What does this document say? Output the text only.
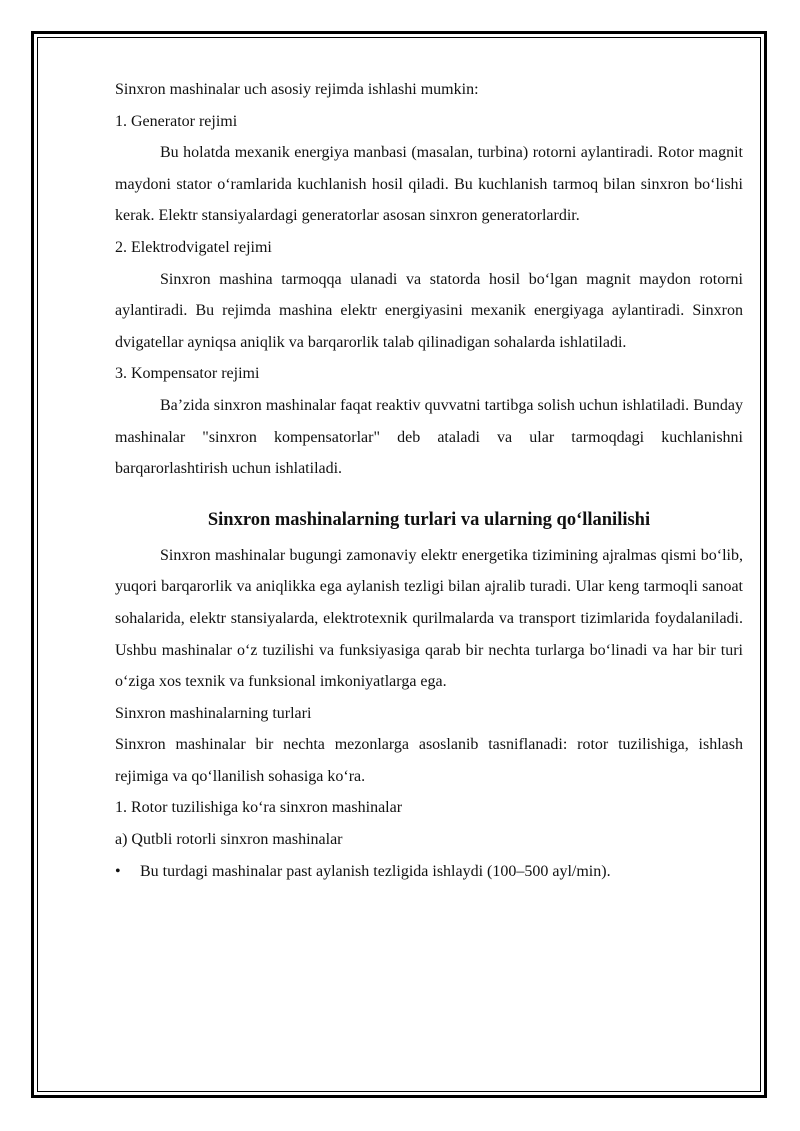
Sinxron mashinalar uch asosiy rejimda ishlashi mumkin:

1. Generator rejimi

Bu holatda mexanik energiya manbasi (masalan, turbina) rotorni aylantiradi. Rotor magnit maydoni stator o‘ramlarida kuchlanish hosil qiladi. Bu kuchlanish tarmoq bilan sinxron bo‘lishi kerak. Elektr stansiyalardagi generatorlar asosan sinxron generatorlardir.

2. Elektrodvigatel rejimi

Sinxron mashina tarmoqqa ulanadi va statorda hosil bo‘lgan magnit maydon rotorni aylantiradi. Bu rejimda mashina elektr energiyasini mexanik energiyaga aylantiradi. Sinxron dvigatellar ayniqsa aniqlik va barqarorlik talab qilinadigan sohalarda ishlatiladi.

3. Kompensator rejimi

Ba’zida sinxron mashinalar faqat reaktiv quvvatni tartibga solish uchun ishlatiladi. Bunday mashinalar "sinxron kompensatorlar" deb ataladi va ular tarmoqdagi kuchlanishni barqarorlashtirish uchun ishlatiladi.

Sinxron mashinalarning turlari va ularning qo‘llanilishi

Sinxron mashinalar bugungi zamonaviy elektr energetika tizimining ajralmas qismi bo‘lib, yuqori barqarorlik va aniqlikka ega aylanish tezligi bilan ajralib turadi. Ular keng tarmoqli sanoat sohalarida, elektr stansiyalarda, elektrotexnik qurilmalarda va transport tizimlarida foydalaniladi. Ushbu mashinalar o‘z tuzilishi va funksiyasiga qarab bir nechta turlarga bo‘linadi va har bir turi o‘ziga xos texnik va funksional imkoniyatlarga ega.

Sinxron mashinalarning turlari

Sinxron mashinalar bir nechta mezonlarga asoslanib tasniflanadi: rotor tuzilishiga, ishlash rejimiga va qo‘llanilish sohasiga ko‘ra.

1. Rotor tuzilishiga ko‘ra sinxron mashinalar

a) Qutbli rotorli sinxron mashinalar

• Bu turdagi mashinalar past aylanish tezligida ishlaydi (100–500 ayl/min).
